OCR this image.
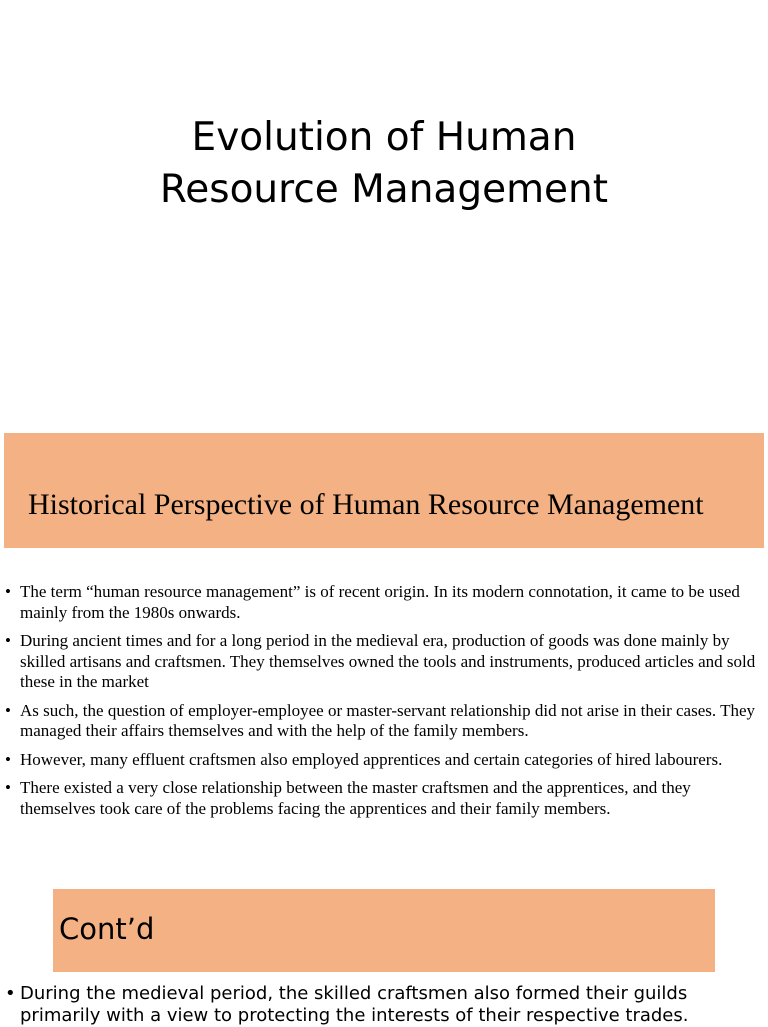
Evolution of Human
Resource Management
Historical Perspective of Human Resource Management
• The term “human resource management” is of recent origin. In its modern connotation, it came to be used mainly from the 1980s onwards.
• During ancient times and for a long period in the medieval era, production of goods was done mainly by skilled artisans and craftsmen. They themselves owned the tools and instruments, produced articles and sold these in the market
• As such, the question of employer-employee or master-servant relationship did not arise in their cases. They managed their affairs themselves and with the help of the family members.
• However, many effluent craftsmen also employed apprentices and certain categories of hired labourers.
• There existed a very close relationship between the master craftsmen and the apprentices, and they themselves took care of the problems facing the apprentices and their family members.
Cont’d
• During the medieval period, the skilled craftsmen also formed their guilds primarily with a view to protecting the interests of their respective trades.
